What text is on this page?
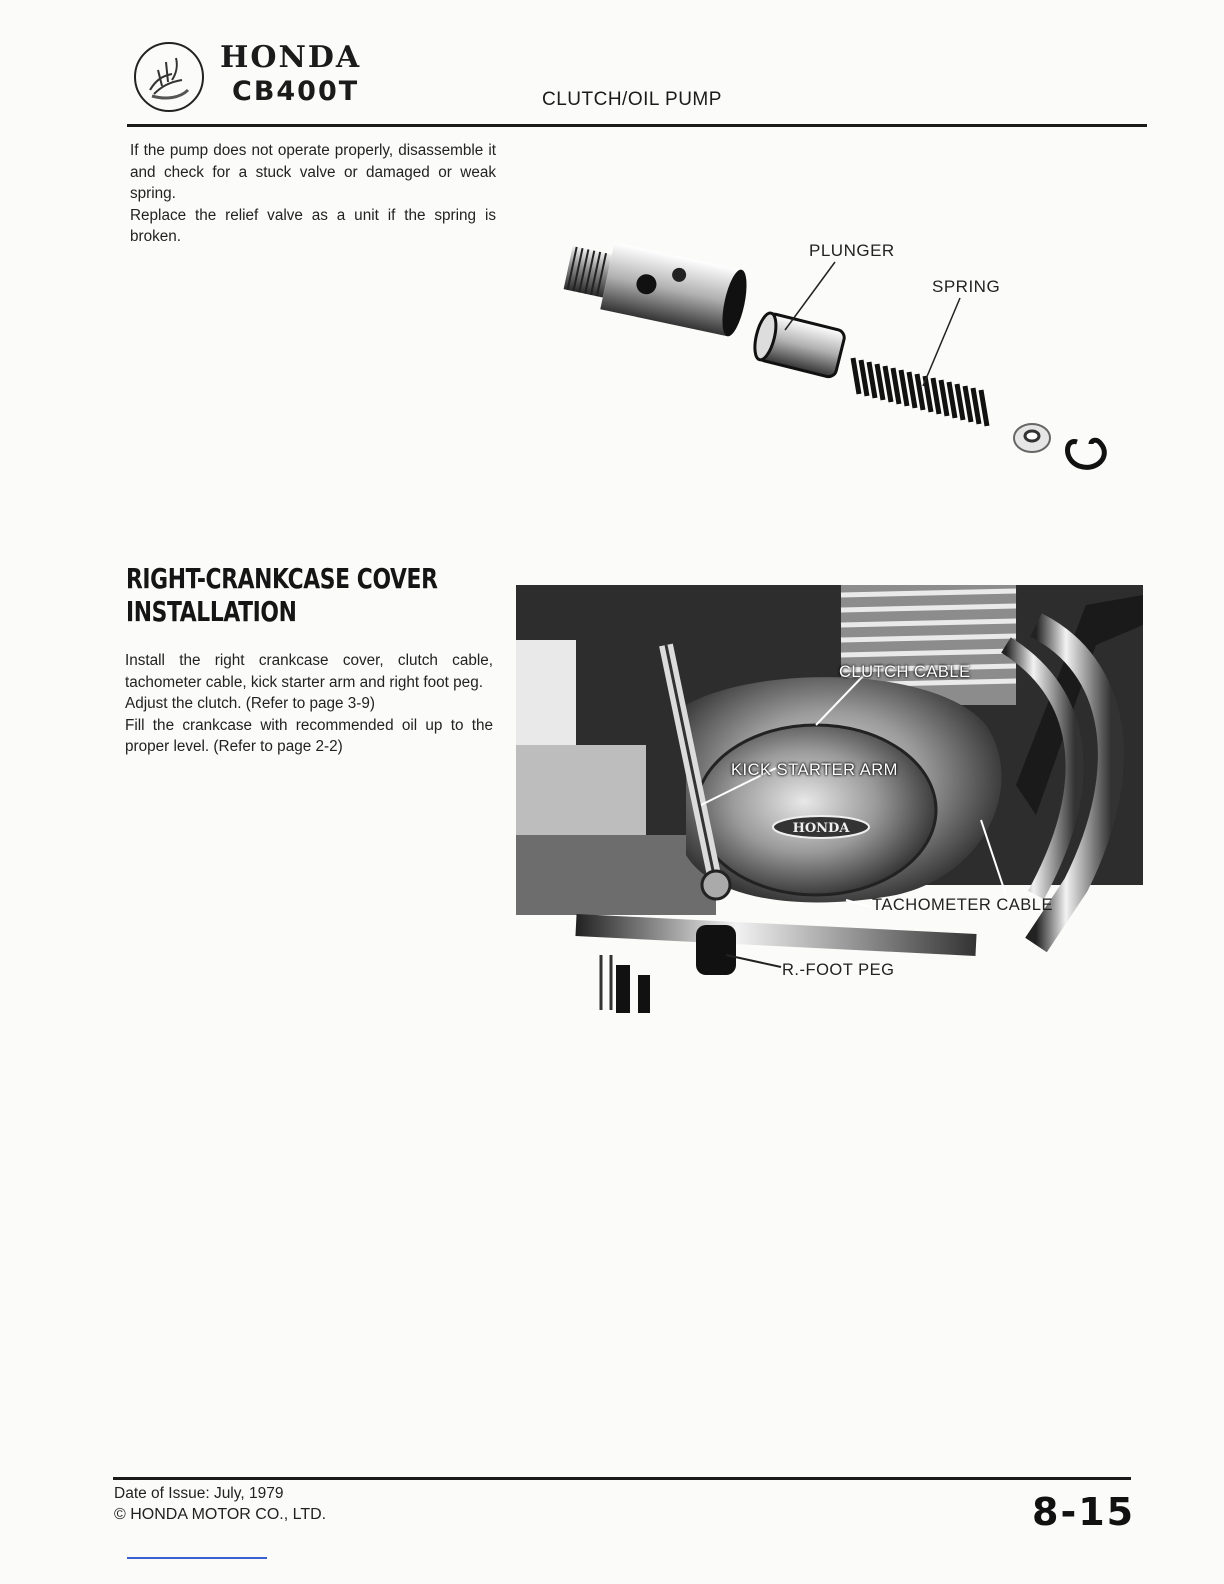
HONDA
CB400T	CLUTCH/OIL PUMP

If the pump does not operate properly, disassemble it and check for a stuck valve or damaged or weak spring.

Replace the relief valve as a unit if the spring is broken.

PLUNGER
SPRING
RIGHT-CRANKCASE COVER
INSTALLATION

Install the right crankcase cover, clutch cable, tachometer cable, kick starter arm and right foot peg.

Adjust the clutch. (Refer to page 3-9)

Fill the crankcase with recommended oil up to the proper level. (Refer to page 2-2)

HONDA
CLUTCH CABLE
KICK STARTER ARM
TACHOMETER CABLE
R.-FOOT PEG
Date of Issue: July, 1979
© HONDA MOTOR CO., LTD.	8-15
